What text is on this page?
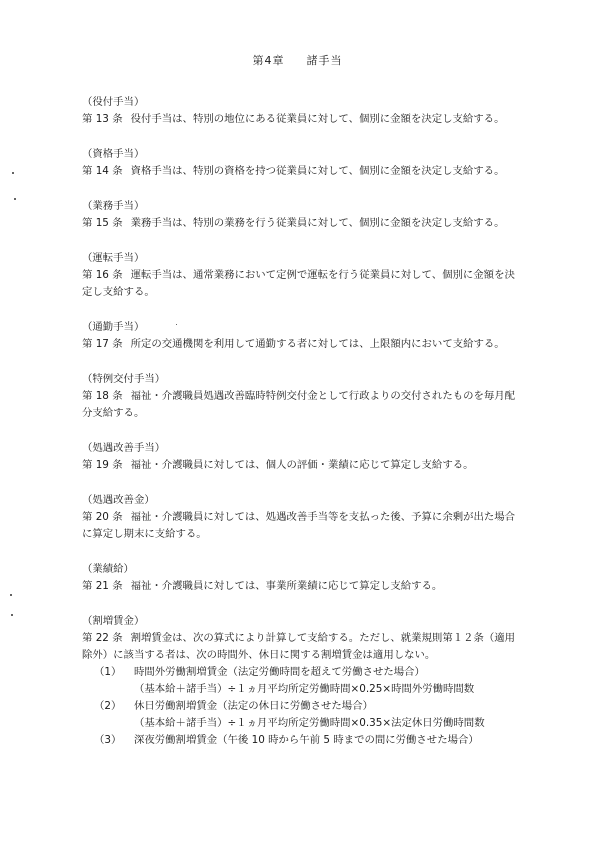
第4章 諸手当
（役付手当）
第 13 条 役付手当は、特別の地位にある従業員に対して、個別に金額を決定し支給する。
（資格手当）
第 14 条 資格手当は、特別の資格を持つ従業員に対して、個別に金額を決定し支給する。
（業務手当）
第 15 条 業務手当は、特別の業務を行う従業員に対して、個別に金額を決定し支給する。
（運転手当）
第 16 条 運転手当は、通常業務において定例で運転を行う従業員に対して、個別に金額を決定し支給する。
（通勤手当）
第 17 条 所定の交通機関を利用して通勤する者に対しては、上限額内において支給する。
（特例交付手当）
第 18 条 福祉・介護職員処遇改善臨時特例交付金として行政よりの交付されたものを毎月配分支給する。
（処遇改善手当）
第 19 条 福祉・介護職員に対しては、個人の評価・業績に応じて算定し支給する。
（処遇改善金）
第 20 条 福祉・介護職員に対しては、処遇改善手当等を支払った後、予算に余剰が出た場合に算定し期末に支給する。
（業績給）
第 21 条 福祉・介護職員に対しては、事業所業績に応じて算定し支給する。
（割増賃金）
第 22 条 割増賃金は、次の算式により計算して支給する。ただし、就業規則第１２条（適用除外）に該当する者は、次の時間外、休日に関する割増賃金は適用しない。
（1） 時間外労働割増賃金（法定労働時間を超えて労働させた場合）
（基本給＋諸手当）÷１ヵ月平均所定労働時間×0.25×時間外労働時間数
（2） 休日労働割増賃金（法定の休日に労働させた場合）
（基本給＋諸手当）÷１ヵ月平均所定労働時間×0.35×法定休日労働時間数
（3） 深夜労働割増賃金（午後 10 時から午前 5 時までの間に労働させた場合）
